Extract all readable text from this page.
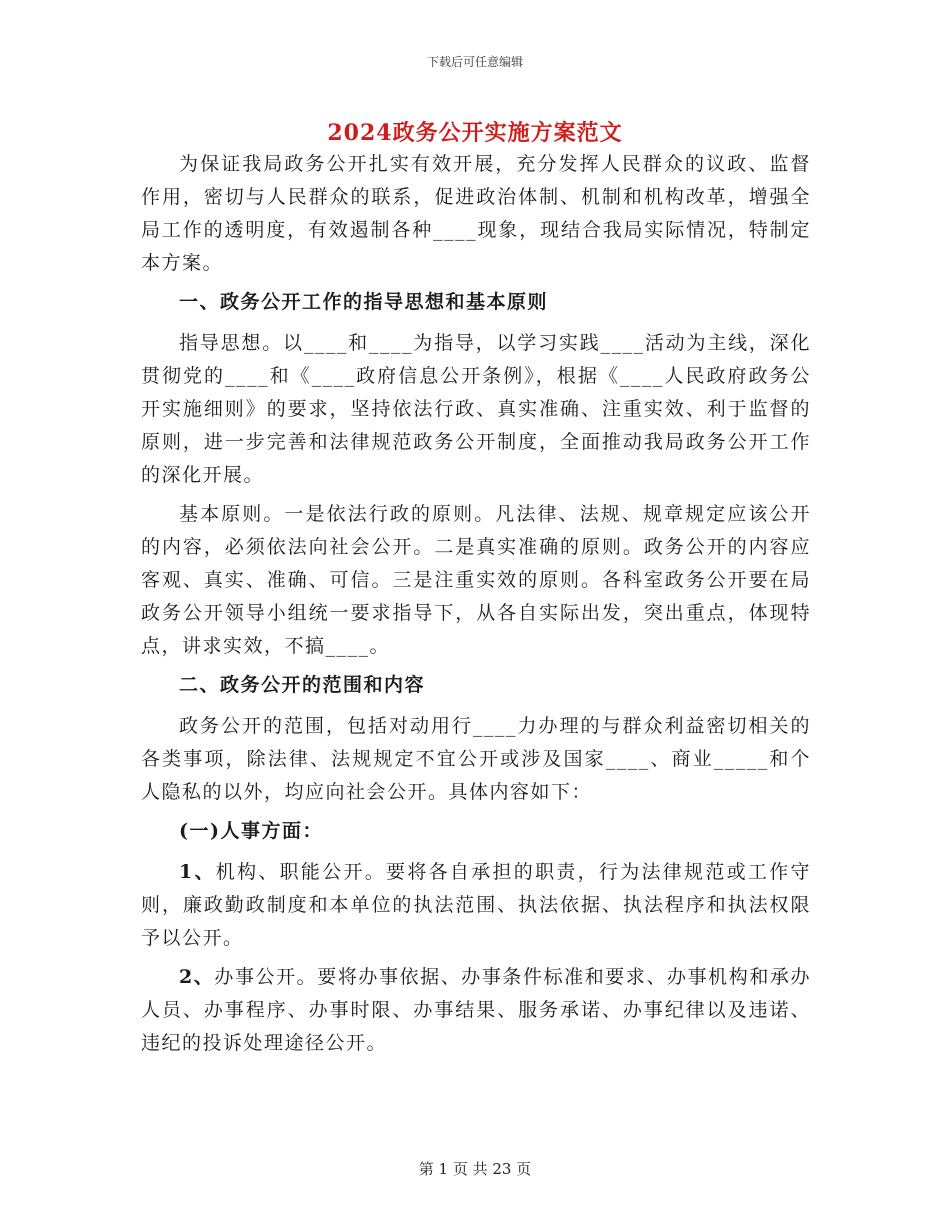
下载后可任意编辑
2024政务公开实施方案范文

为保证我局政务公开扎实有效开展，充分发挥人民群众的议政、监督作用，密切与人民群众的联系，促进政治体制、机制和机构改革，增强全局工作的透明度，有效遏制各种____现象，现结合我局实际情况，特制定本方案。

一、政务公开工作的指导思想和基本原则

指导思想。以____和____为指导，以学习实践____活动为主线，深化贯彻党的____和《____政府信息公开条例》，根据《____人民政府政务公开实施细则》的要求，坚持依法行政、真实准确、注重实效、利于监督的原则，进一步完善和法律规范政务公开制度，全面推动我局政务公开工作的深化开展。

基本原则。一是依法行政的原则。凡法律、法规、规章规定应该公开的内容，必须依法向社会公开。二是真实准确的原则。政务公开的内容应客观、真实、准确、可信。三是注重实效的原则。各科室政务公开要在局政务公开领导小组统一要求指导下，从各自实际出发，突出重点，体现特点，讲求实效，不搞____。

二、政务公开的范围和内容

政务公开的范围，包括对动用行____力办理的与群众利益密切相关的各类事项，除法律、法规规定不宜公开或涉及国家____、商业_____和个人隐私的以外，均应向社会公开。具体内容如下：

(一)人事方面：

1、机构、职能公开。要将各自承担的职责，行为法律规范或工作守则，廉政勤政制度和本单位的执法范围、执法依据、执法程序和执法权限予以公开。

2、办事公开。要将办事依据、办事条件标准和要求、办事机构和承办人员、办事程序、办事时限、办事结果、服务承诺、办事纪律以及违诺、违纪的投诉处理途径公开。

第 1 页 共 23 页
